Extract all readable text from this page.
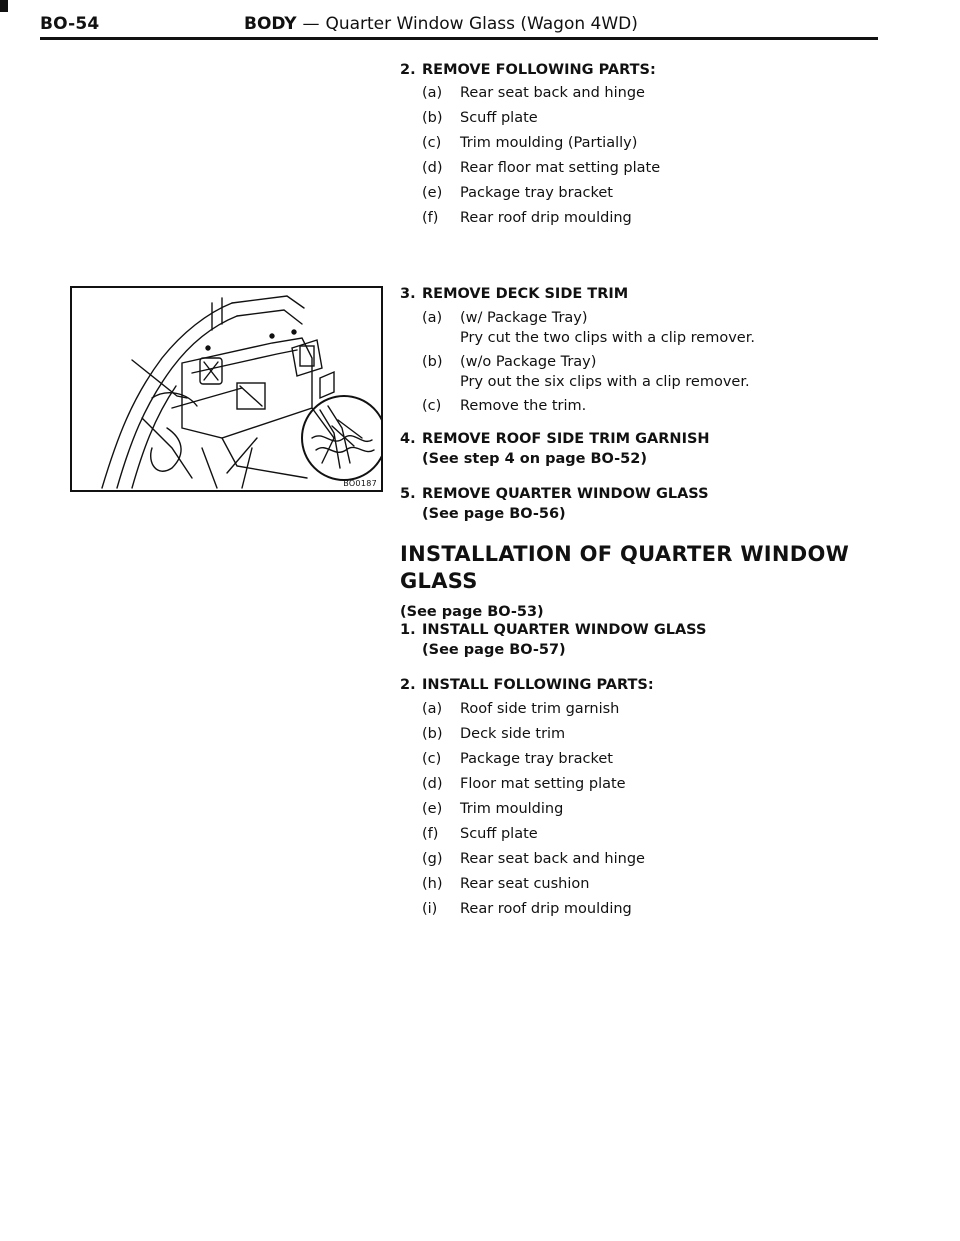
BO-54	BODY — Quarter Window Glass (Wagon 4WD)
BO0187
2. REMOVE FOLLOWING PARTS:
(a) Rear seat back and hinge
(b) Scuff plate
(c) Trim moulding (Partially)
(d) Rear floor mat setting plate
(e) Package tray bracket
(f) Rear roof drip moulding
3. REMOVE DECK SIDE TRIM
(a) (w/ Package Tray)
Pry cut the two clips with a clip remover.
(b) (w/o Package Tray)
Pry out the six clips with a clip remover.
(c) Remove the trim.
4. REMOVE ROOF SIDE TRIM GARNISH
(See step 4 on page BO-52)
5. REMOVE QUARTER WINDOW GLASS
(See page BO-56)
INSTALLATION OF QUARTER WINDOW
GLASS
(See page BO-53)
1. INSTALL QUARTER WINDOW GLASS
(See page BO-57)
2. INSTALL FOLLOWING PARTS:
(a) Roof side trim garnish
(b) Deck side trim
(c) Package tray bracket
(d) Floor mat setting plate
(e) Trim moulding
(f) Scuff plate
(g) Rear seat back and hinge
(h) Rear seat cushion
(i) Rear roof drip moulding
